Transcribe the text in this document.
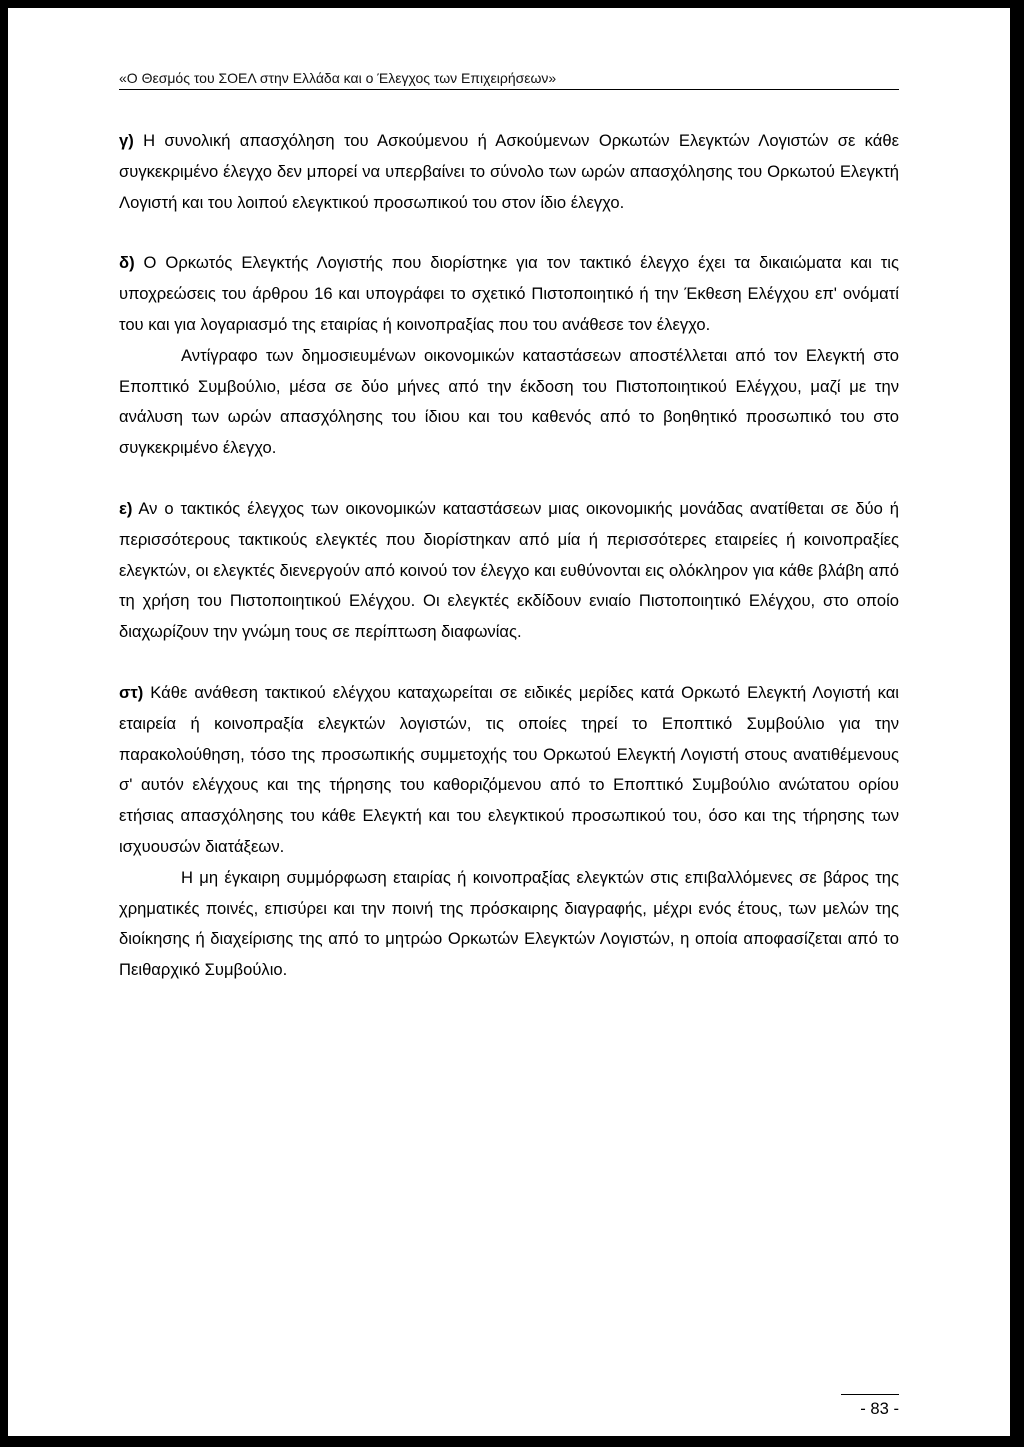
«Ο Θεσμός του ΣΟΕΛ στην Ελλάδα και ο Έλεγχος των Επιχειρήσεων»

γ) Η συνολική απασχόληση του Ασκούμενου ή Ασκούμενων Ορκωτών Ελεγκτών Λογιστών σε κάθε συγκεκριμένο έλεγχο δεν μπορεί να υπερβαίνει το σύνολο των ωρών απασχόλησης του Ορκωτού Ελεγκτή Λογιστή και του λοιπού ελεγκτικού προσωπικού του στον ίδιο έλεγχο.

δ) Ο Ορκωτός Ελεγκτής Λογιστής που διορίστηκε για τον τακτικό έλεγχο έχει τα δικαιώματα και τις υποχρεώσεις του άρθρου 16 και υπογράφει το σχετικό Πιστοποιητικό ή την Έκθεση Ελέγχου επ' ονόματί του και για λογαριασμό της εταιρίας ή κοινοπραξίας που του ανάθεσε τον έλεγχο.

Αντίγραφο των δημοσιευμένων οικονομικών καταστάσεων αποστέλλεται από τον Ελεγκτή στο Εποπτικό Συμβούλιο, μέσα σε δύο μήνες από την έκδοση του Πιστοποιητικού Ελέγχου, μαζί με την ανάλυση των ωρών απασχόλησης του ίδιου και του καθενός από το βοηθητικό προσωπικό του στο συγκεκριμένο έλεγχο.

ε) Αν ο τακτικός έλεγχος των οικονομικών καταστάσεων μιας οικονομικής μονάδας ανατίθεται σε δύο ή περισσότερους τακτικούς ελεγκτές που διορίστηκαν από μία ή περισσότερες εταιρείες ή κοινοπραξίες ελεγκτών, οι ελεγκτές διενεργούν από κοινού τον έλεγχο και ευθύνονται εις ολόκληρον για κάθε βλάβη από τη χρήση του Πιστοποιητικού Ελέγχου. Οι ελεγκτές εκδίδουν ενιαίο Πιστοποιητικό Ελέγχου, στο οποίο διαχωρίζουν την γνώμη τους σε περίπτωση διαφωνίας.

στ) Κάθε ανάθεση τακτικού ελέγχου καταχωρείται σε ειδικές μερίδες κατά Ορκωτό Ελεγκτή Λογιστή και εταιρεία ή κοινοπραξία ελεγκτών λογιστών, τις οποίες τηρεί το Εποπτικό Συμβούλιο για την παρακολούθηση, τόσο της προσωπικής συμμετοχής του Ορκωτού Ελεγκτή Λογιστή στους ανατιθέμενους σ' αυτόν ελέγχους και της τήρησης του καθοριζόμενου από το Εποπτικό Συμβούλιο ανώτατου ορίου ετήσιας απασχόλησης του κάθε Ελεγκτή και του ελεγκτικού προσωπικού του, όσο και της τήρησης των ισχυουσών διατάξεων.

Η μη έγκαιρη συμμόρφωση εταιρίας ή κοινοπραξίας ελεγκτών στις επιβαλλόμενες σε βάρος της χρηματικές ποινές, επισύρει και την ποινή της πρόσκαιρης διαγραφής, μέχρι ενός έτους, των μελών της διοίκησης ή διαχείρισης της από το μητρώο Ορκωτών Ελεγκτών Λογιστών, η οποία αποφασίζεται από το Πειθαρχικό Συμβούλιο.

- 83 -
